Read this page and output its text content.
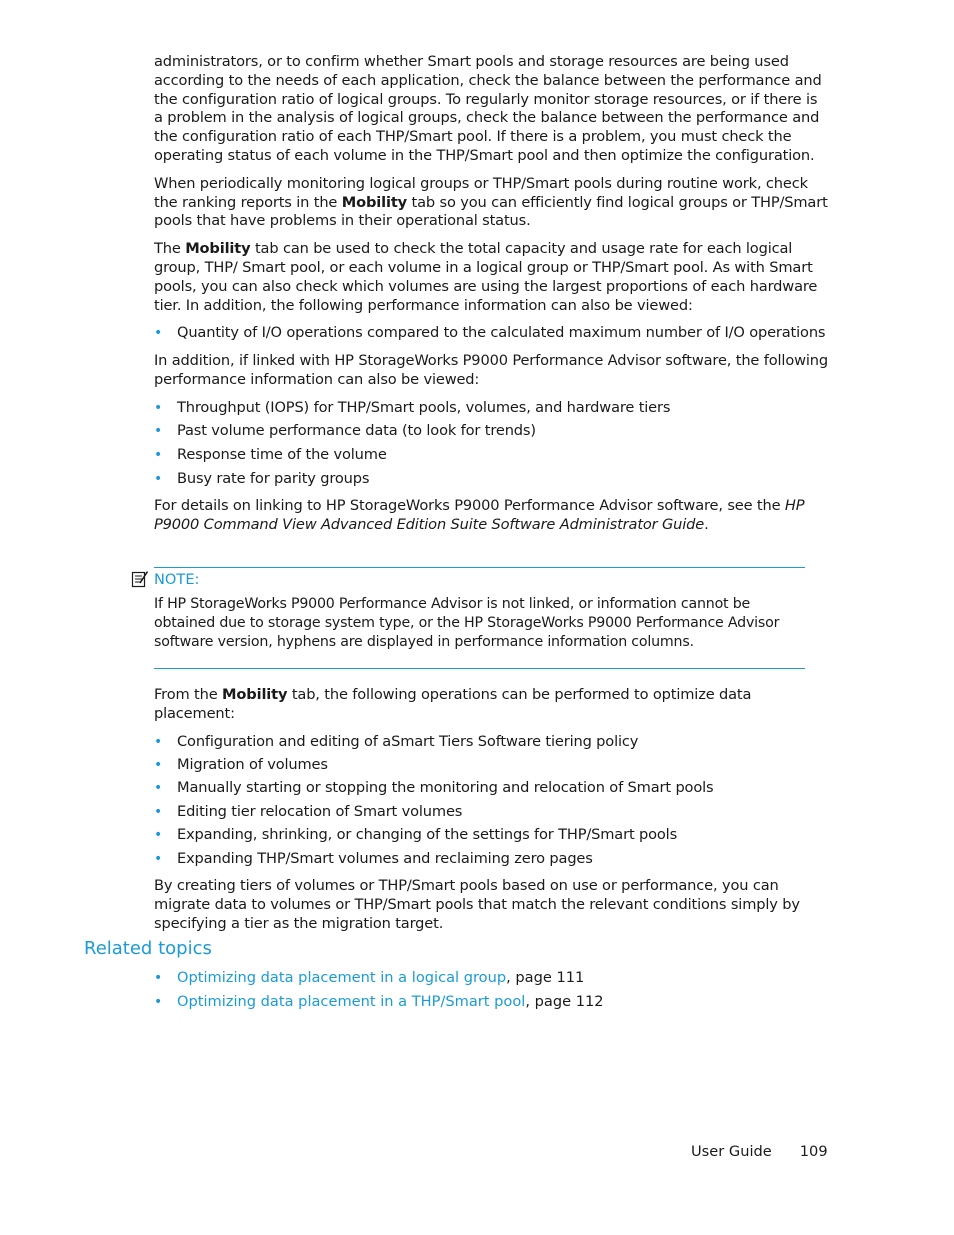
administrators, or to confirm whether Smart pools and storage resources are being used according to the needs of each application, check the balance between the performance and the configuration ratio of logical groups. To regularly monitor storage resources, or if there is a problem in the analysis of logical groups, check the balance between the performance and the configuration ratio of each THP/Smart pool. If there is a problem, you must check the operating status of each volume in the THP/Smart pool and then optimize the configuration.

When periodically monitoring logical groups or THP/Smart pools during routine work, check the ranking reports in the Mobility tab so you can efficiently find logical groups or THP/Smart pools that have problems in their operational status.

The Mobility tab can be used to check the total capacity and usage rate for each logical group, THP/ Smart pool, or each volume in a logical group or THP/Smart pool. As with Smart pools, you can also check which volumes are using the largest proportions of each hardware tier. In addition, the following performance information can also be viewed:

• Quantity of I/O operations compared to the calculated maximum number of I/O operations

In addition, if linked with HP StorageWorks P9000 Performance Advisor software, the following performance information can also be viewed:

• Throughput (IOPS) for THP/Smart pools, volumes, and hardware tiers
• Past volume performance data (to look for trends)
• Response time of the volume
• Busy rate for parity groups

For details on linking to HP StorageWorks P9000 Performance Advisor software, see the HP P9000 Command View Advanced Edition Suite Software Administrator Guide.

NOTE:
If HP StorageWorks P9000 Performance Advisor is not linked, or information cannot be obtained due to storage system type, or the HP StorageWorks P9000 Performance Advisor software version, hyphens are displayed in performance information columns.

From the Mobility tab, the following operations can be performed to optimize data placement:

• Configuration and editing of aSmart Tiers Software tiering policy
• Migration of volumes
• Manually starting or stopping the monitoring and relocation of Smart pools
• Editing tier relocation of Smart volumes
• Expanding, shrinking, or changing of the settings for THP/Smart pools
• Expanding THP/Smart volumes and reclaiming zero pages

By creating tiers of volumes or THP/Smart pools based on use or performance, you can migrate data to volumes or THP/Smart pools that match the relevant conditions simply by specifying a tier as the migration target.

Related topics
• Optimizing data placement in a logical group, page 111
• Optimizing data placement in a THP/Smart pool, page 112
User Guide 109
